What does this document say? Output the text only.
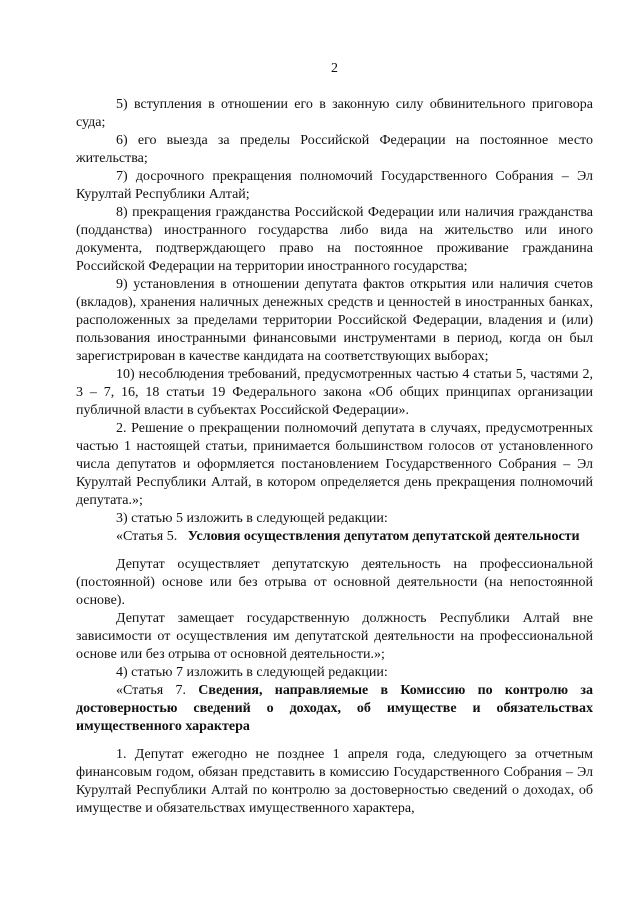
2

5) вступления в отношении его в законную силу обвинительного приговора суда;

6) его выезда за пределы Российской Федерации на постоянное место жительства;

7) досрочного прекращения полномочий Государственного Собрания – Эл Курултай Республики Алтай;

8) прекращения гражданства Российской Федерации или наличия гражданства (подданства) иностранного государства либо вида на жительство или иного документа, подтверждающего право на постоянное проживание гражданина Российской Федерации на территории иностранного государства;

9) установления в отношении депутата фактов открытия или наличия счетов (вкладов), хранения наличных денежных средств и ценностей в иностранных банках, расположенных за пределами территории Российской Федерации, владения и (или) пользования иностранными финансовыми инструментами в период, когда он был зарегистрирован в качестве кандидата на соответствующих выборах;

10) несоблюдения требований, предусмотренных частью 4 статьи 5, частями 2, 3 – 7, 16, 18 статьи 19 Федерального закона «Об общих принципах организации публичной власти в субъектах Российской Федерации».

2. Решение о прекращении полномочий депутата в случаях, предусмотренных частью 1 настоящей статьи, принимается большинством голосов от установленного числа депутатов и оформляется постановлением Государственного Собрания – Эл Курултай Республики Алтай, в котором определяется день прекращения полномочий депутата.»;

3) статью 5 изложить в следующей редакции:

«Статья 5. Условия осуществления депутатом депутатской деятельности

Депутат осуществляет депутатскую деятельность на профессиональной (постоянной) основе или без отрыва от основной деятельности (на непостоянной основе).

Депутат замещает государственную должность Республики Алтай вне зависимости от осуществления им депутатской деятельности на профессиональной основе или без отрыва от основной деятельности.»;

4) статью 7 изложить в следующей редакции:

«Статья 7. Сведения, направляемые в Комиссию по контролю за достоверностью сведений о доходах, об имуществе и обязательствах имущественного характера

1. Депутат ежегодно не позднее 1 апреля года, следующего за отчетным финансовым годом, обязан представить в комиссию Государственного Собрания – Эл Курултай Республики Алтай по контролю за достоверностью сведений о доходах, об имуществе и обязательствах имущественного характера,
